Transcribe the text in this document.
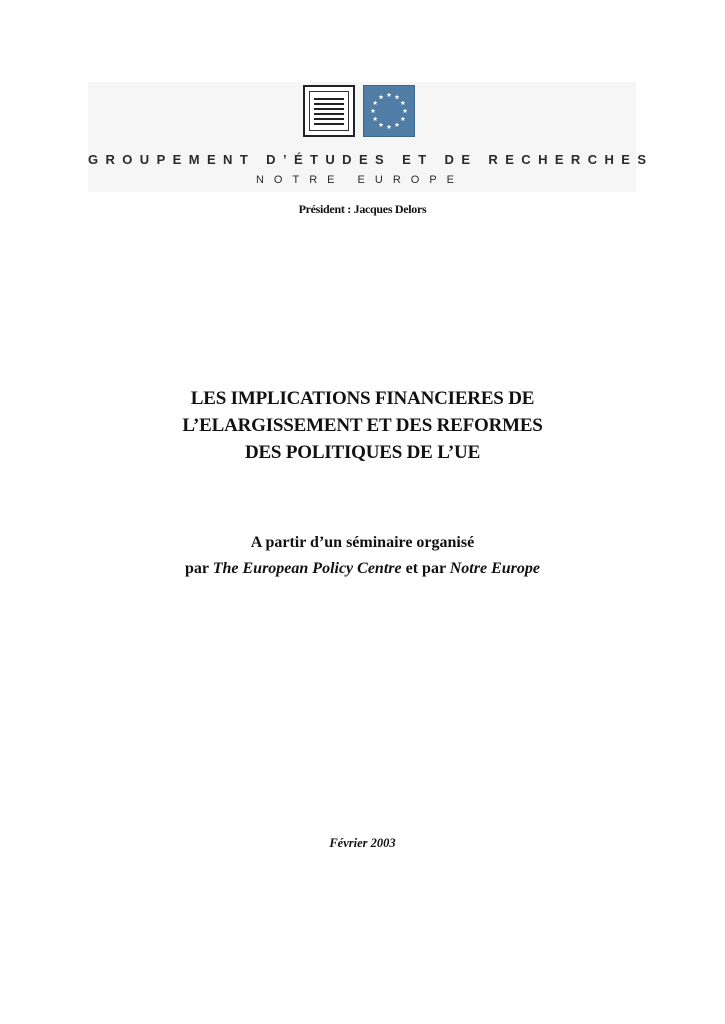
GROUPEMENT D’ÉTUDES ET DE RECHERCHES
NOTRE EUROPE
Président : Jacques Delors
LES IMPLICATIONS FINANCIERES DE
L’ELARGISSEMENT ET DES REFORMES
DES POLITIQUES DE L’UE
A partir d’un séminaire organisé
par The European Policy Centre et par Notre Europe
Février 2003
